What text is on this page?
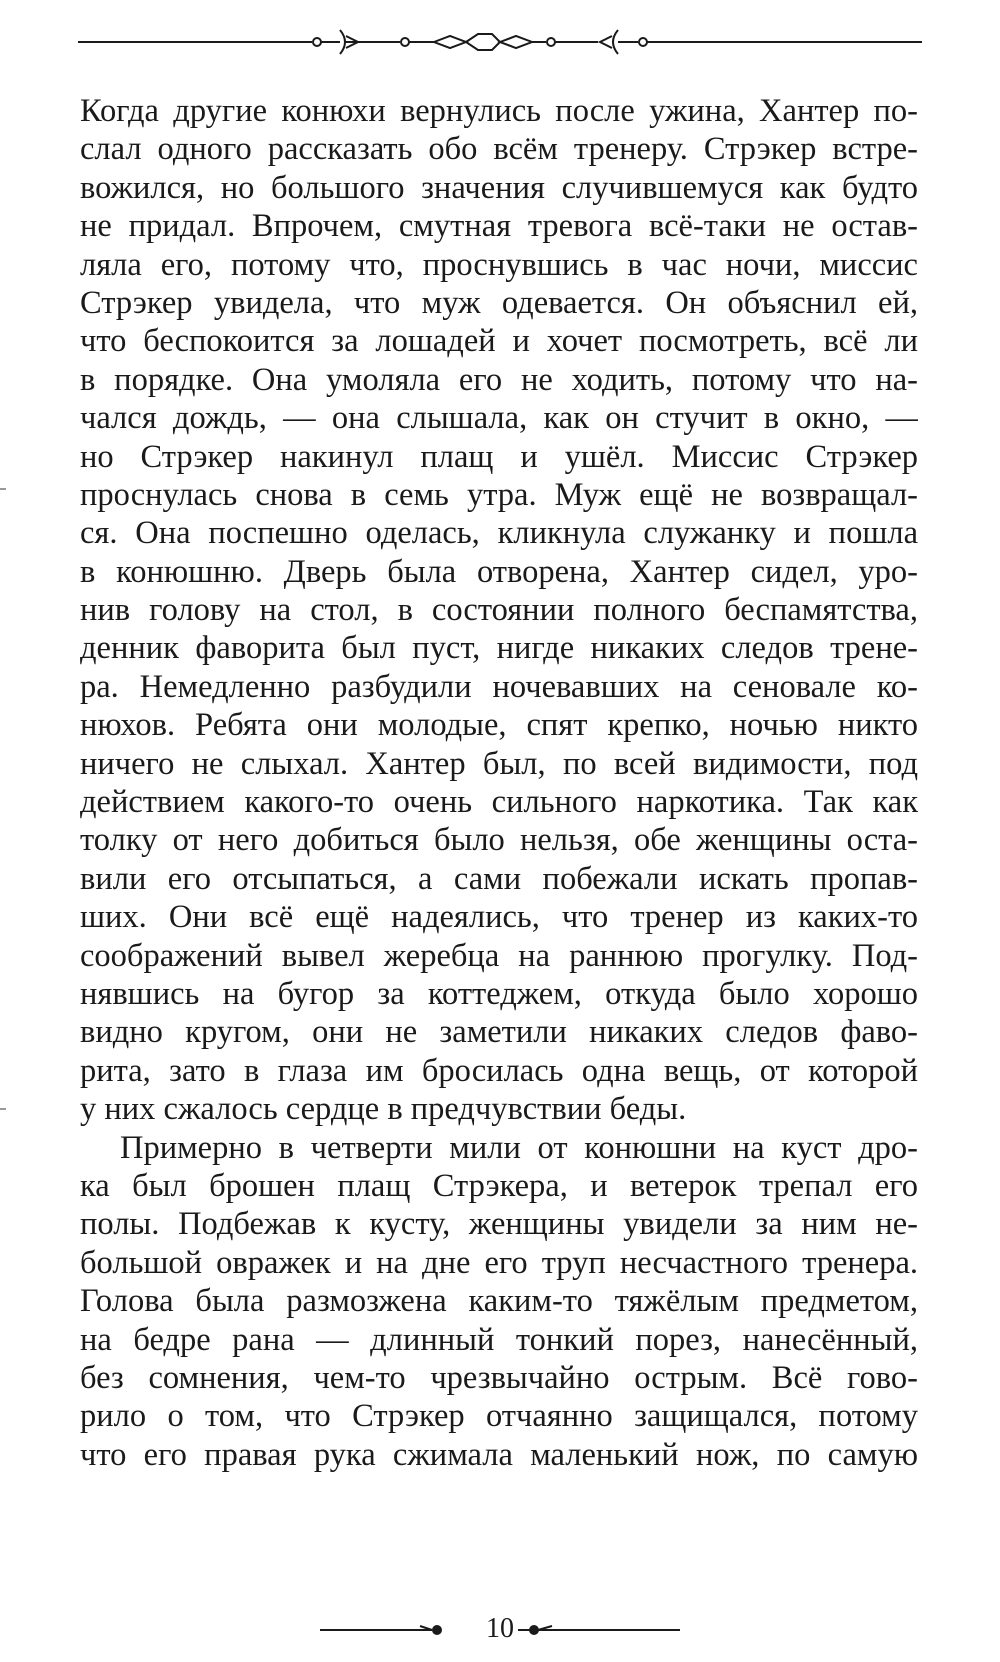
Когда другие конюхи вернулись после ужина, Хантер по-
слал одного рассказать обо всём тренеру. Стрэкер встре-
вожился, но большого значения случившемуся как будто
не придал. Впрочем, смутная тревога всё-таки не остав-
ляла его, потому что, проснувшись в час ночи, миссис
Стрэкер увидела, что муж одевается. Он объяснил ей,
что беспокоится за лошадей и хочет посмотреть, всё ли
в порядке. Она умоляла его не ходить, потому что на-
чался дождь, — она слышала, как он стучит в окно, —
но Стрэкер накинул плащ и ушёл. Миссис Стрэкер
проснулась снова в семь утра. Муж ещё не возвращал-
ся. Она поспешно оделась, кликнула служанку и пошла
в конюшню. Дверь была отворена, Хантер сидел, уро-
нив голову на стол, в состоянии полного беспамятства,
денник фаворита был пуст, нигде никаких следов трене-
ра. Немедленно разбудили ночевавших на сеновале ко-
нюхов. Ребята они молодые, спят крепко, ночью никто
ничего не слыхал. Хантер был, по всей видимости, под
действием какого-то очень сильного наркотика. Так как
толку от него добиться было нельзя, обе женщины оста-
вили его отсыпаться, а сами побежали искать пропав-
ших. Они всё ещё надеялись, что тренер из каких-то
соображений вывел жеребца на раннюю прогулку. Под-
нявшись на бугор за коттеджем, откуда было хорошо
видно кругом, они не заметили никаких следов фаво-
рита, зато в глаза им бросилась одна вещь, от которой
у них сжалось сердце в предчувствии беды.
Примерно в четверти мили от конюшни на куст дро-
ка был брошен плащ Стрэкера, и ветерок трепал его
полы. Подбежав к кусту, женщины увидели за ним не-
большой овражек и на дне его труп несчастного тренера.
Голова была размозжена каким-то тяжёлым предметом,
на бедре рана — длинный тонкий порез, нанесённый,
без сомнения, чем-то чрезвычайно острым. Всё гово-
рило о том, что Стрэкер отчаянно защищался, потому
что его правая рука сжимала маленький нож, по самую
10
